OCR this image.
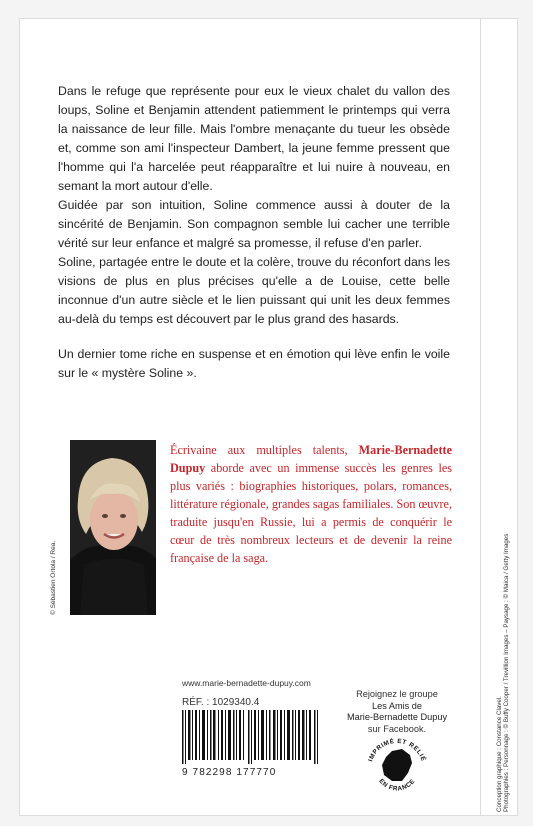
Dans le refuge que représente pour eux le vieux chalet du vallon des loups, Soline et Benjamin attendent patiemment le printemps qui verra la naissance de leur fille. Mais l'ombre menaçante du tueur les obsède et, comme son ami l'inspecteur Dambert, la jeune femme pressent que l'homme qui l'a harcelée peut réapparaître et lui nuire à nouveau, en semant la mort autour d'elle.

Guidée par son intuition, Soline commence aussi à douter de la sincérité de Benjamin. Son compagnon semble lui cacher une terrible vérité sur leur enfance et malgré sa promesse, il refuse d'en parler.

Soline, partagée entre le doute et la colère, trouve du réconfort dans les visions de plus en plus précises qu'elle a de Louise, cette belle inconnue d'un autre siècle et le lien puissant qui unit les deux femmes au-delà du temps est découvert par le plus grand des hasards.

Un dernier tome riche en suspense et en émotion qui lève enfin le voile sur le « mystère Soline ».

© Sébastien Ortola / Rea.
Écrivaine aux multiples talents, Marie-Bernadette Dupuy aborde avec un immense succès les genres les plus variés : biographies historiques, polars, romances, littérature régionale, grandes sagas familiales. Son œuvre, traduite jusqu'en Russie, lui a permis de conquérir le cœur de très nombreux lecteurs et de devenir la reine française de la saga.
www.marie-bernadette-dupuy.com
RÉF. : 1029340.4
9 782298 177770
Rejoignez le groupe
Les Amis de
Marie-Bernadette Dupuy
sur Facebook.
IMPRIMÉ ET RELIÉ
EN FRANCE	Conception graphique : Constance Clavel. Photographies : Personnage : © Buffy Cooper / Trevillion Images – Paysage : © Maica / Getty Images
